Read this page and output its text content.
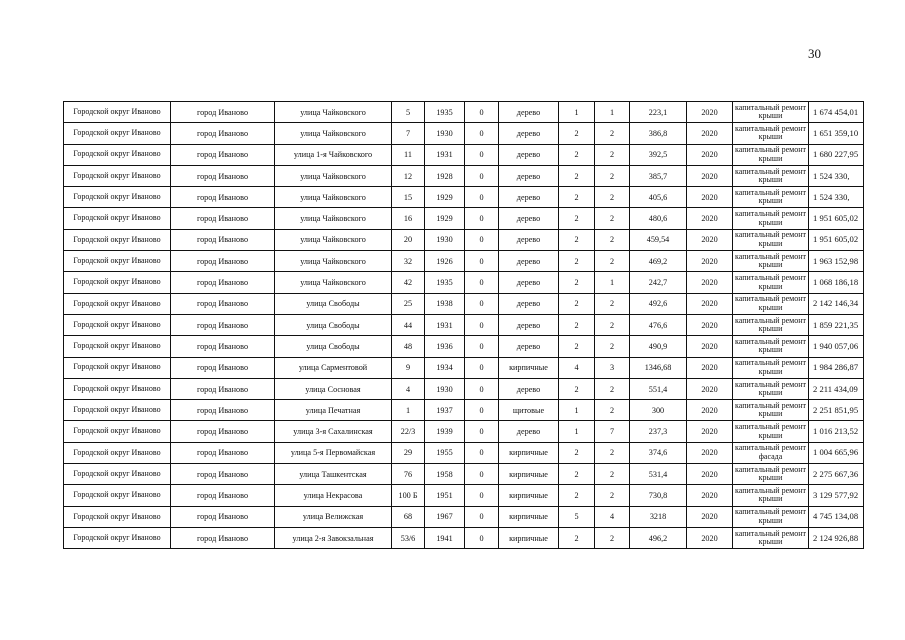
30
Городской округ Иваново	город Иваново	улица Чайковского	5	1935	0	дерево	1	1	223,1	2020	капитальный ремонт крыши	1 674 454,01
Городской округ Иваново	город Иваново	улица Чайковского	7	1930	0	дерево	2	2	386,8	2020	капитальный ремонт крыши	1 651 359,10
Городской округ Иваново	город Иваново	улица 1-я Чайковского	11	1931	0	дерево	2	2	392,5	2020	капитальный ремонт крыши	1 680 227,95
Городской округ Иваново	город Иваново	улица Чайковского	12	1928	0	дерево	2	2	385,7	2020	капитальный ремонт крыши	1 524 330,
Городской округ Иваново	город Иваново	улица Чайковского	15	1929	0	дерево	2	2	405,6	2020	капитальный ремонт крыши	1 524 330,
Городской округ Иваново	город Иваново	улица Чайковского	16	1929	0	дерево	2	2	480,6	2020	капитальный ремонт крыши	1 951 605,02
Городской округ Иваново	город Иваново	улица Чайковского	20	1930	0	дерево	2	2	459,54	2020	капитальный ремонт крыши	1 951 605,02
Городской округ Иваново	город Иваново	улица Чайковского	32	1926	0	дерево	2	2	469,2	2020	капитальный ремонт крыши	1 963 152,98
Городской округ Иваново	город Иваново	улица Чайковского	42	1935	0	дерево	2	1	242,7	2020	капитальный ремонт крыши	1 068 186,18
Городской округ Иваново	город Иваново	улица Свободы	25	1938	0	дерево	2	2	492,6	2020	капитальный ремонт крыши	2 142 146,34
Городской округ Иваново	город Иваново	улица Свободы	44	1931	0	дерево	2	2	476,6	2020	капитальный ремонт крыши	1 859 221,35
Городской округ Иваново	город Иваново	улица Свободы	48	1936	0	дерево	2	2	490,9	2020	капитальный ремонт крыши	1 940 057,06
Городской округ Иваново	город Иваново	улица Сарментовой	9	1934	0	кирпичные	4	3	1346,68	2020	капитальный ремонт крыши	1 984 286,87
Городской округ Иваново	город Иваново	улица Сосновая	4	1930	0	дерево	2	2	551,4	2020	капитальный ремонт крыши	2 211 434,09
Городской округ Иваново	город Иваново	улица Печатная	1	1937	0	щитовые	1	2	300	2020	капитальный ремонт крыши	2 251 851,95
Городской округ Иваново	город Иваново	улица 3-я Сахалинская	22/3	1939	0	дерево	1	7	237,3	2020	капитальный ремонт крыши	1 016 213,52
Городской округ Иваново	город Иваново	улица 5-я Первомайская	29	1955	0	кирпичные	2	2	374,6	2020	капитальный ремонт фасада	1 004 665,96
Городской округ Иваново	город Иваново	улица Ташкентская	76	1958	0	кирпичные	2	2	531,4	2020	капитальный ремонт крыши	2 275 667,36
Городской округ Иваново	город Иваново	улица Некрасова	100 Б	1951	0	кирпичные	2	2	730,8	2020	капитальный ремонт крыши	3 129 577,92
Городской округ Иваново	город Иваново	улица Велижская	68	1967	0	кирпичные	5	4	3218	2020	капитальный ремонт крыши	4 745 134,08
Городской округ Иваново	город Иваново	улица 2-я Завокзальная	53/6	1941	0	кирпичные	2	2	496,2	2020	капитальный ремонт крыши	2 124 926,88
